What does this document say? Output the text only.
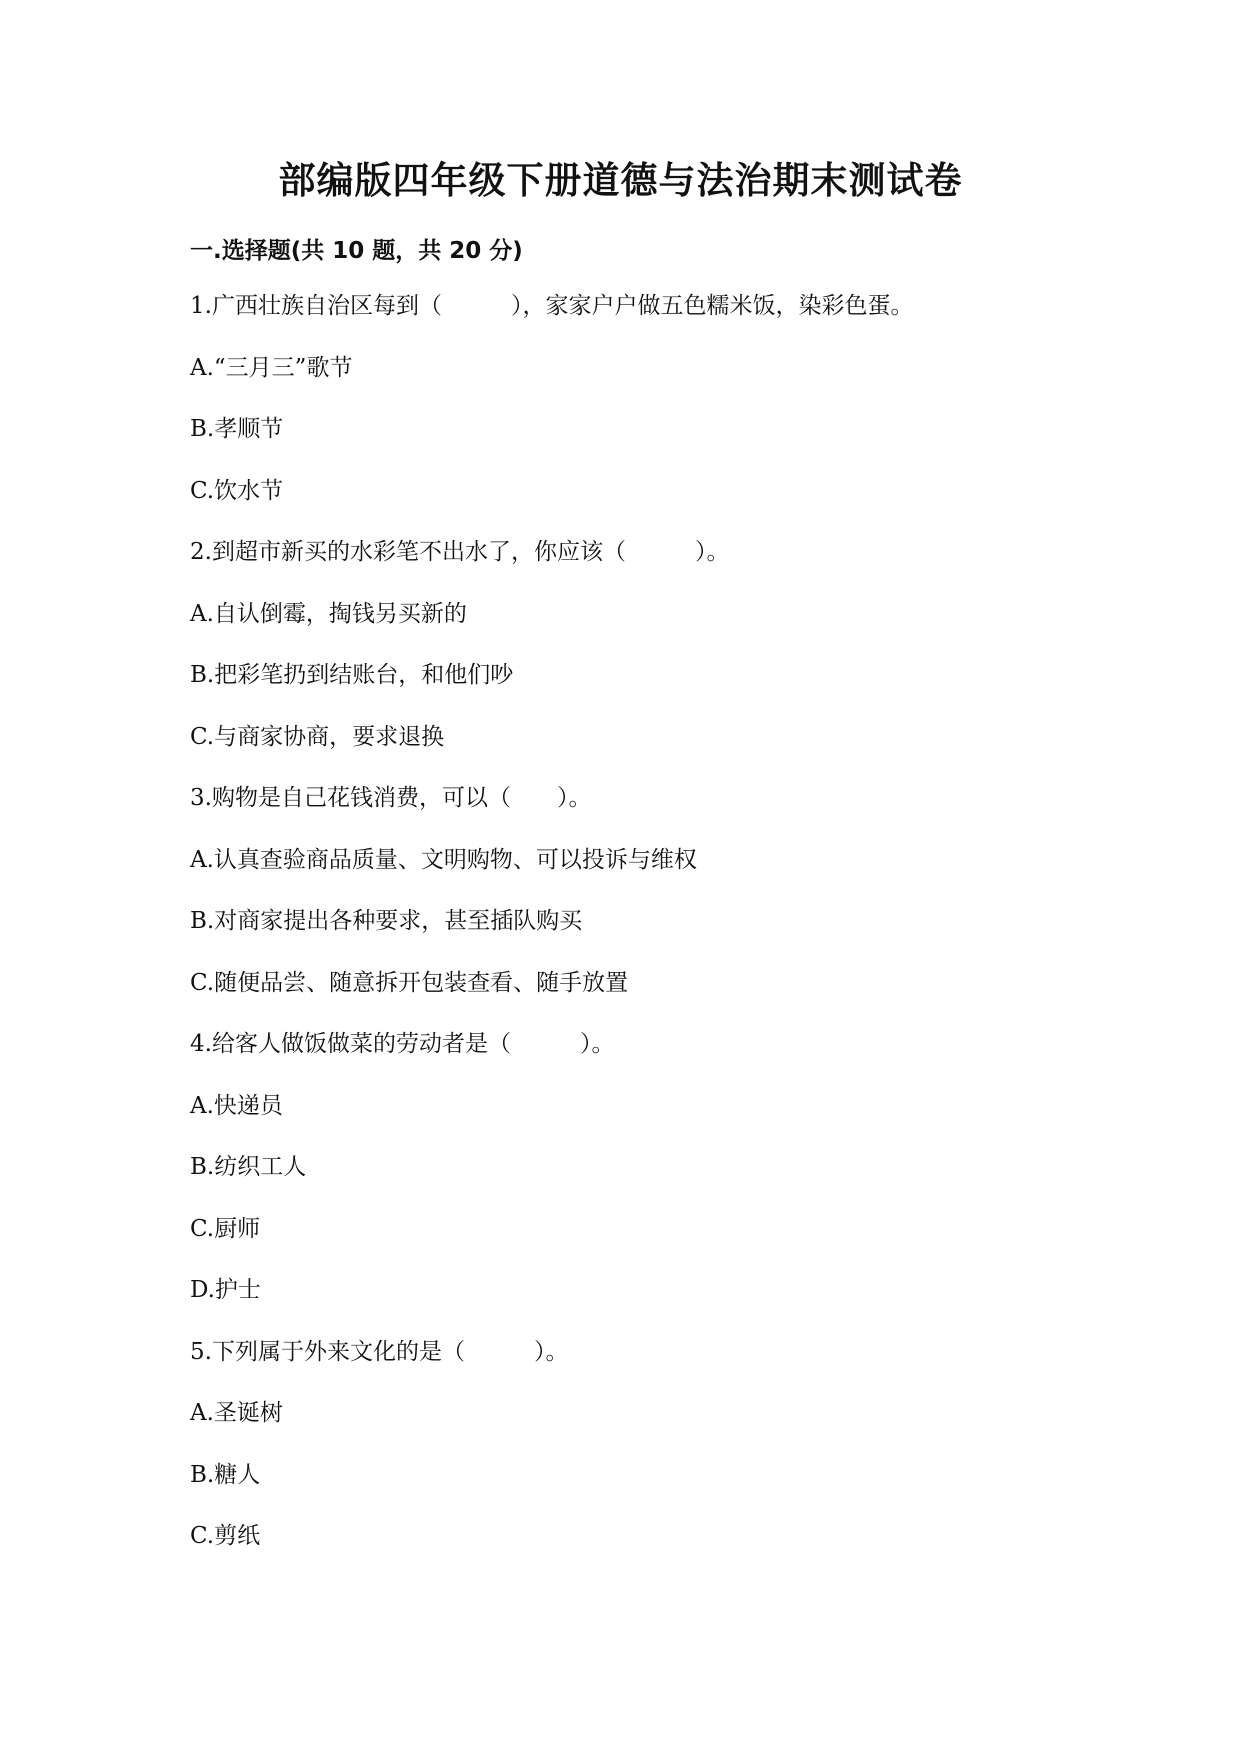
部编版四年级下册道德与法治期末测试卷
一.选择题(共 10 题，共 20 分)
1.广西壮族自治区每到（　　　），家家户户做五色糯米饭，染彩色蛋。
A.“三月三”歌节
B.孝顺节
C.饮水节
2.到超市新买的水彩笔不出水了，你应该（　　　）。
A.自认倒霉，掏钱另买新的
B.把彩笔扔到结账台，和他们吵
C.与商家协商，要求退换
3.购物是自己花钱消费，可以（　　）。
A.认真查验商品质量、文明购物、可以投诉与维权
B.对商家提出各种要求，甚至插队购买
C.随便品尝、随意拆开包装查看、随手放置
4.给客人做饭做菜的劳动者是（　　　）。
A.快递员
B.纺织工人
C.厨师
D.护士
5.下列属于外来文化的是（　　　）。
A.圣诞树
B.糖人
C.剪纸
